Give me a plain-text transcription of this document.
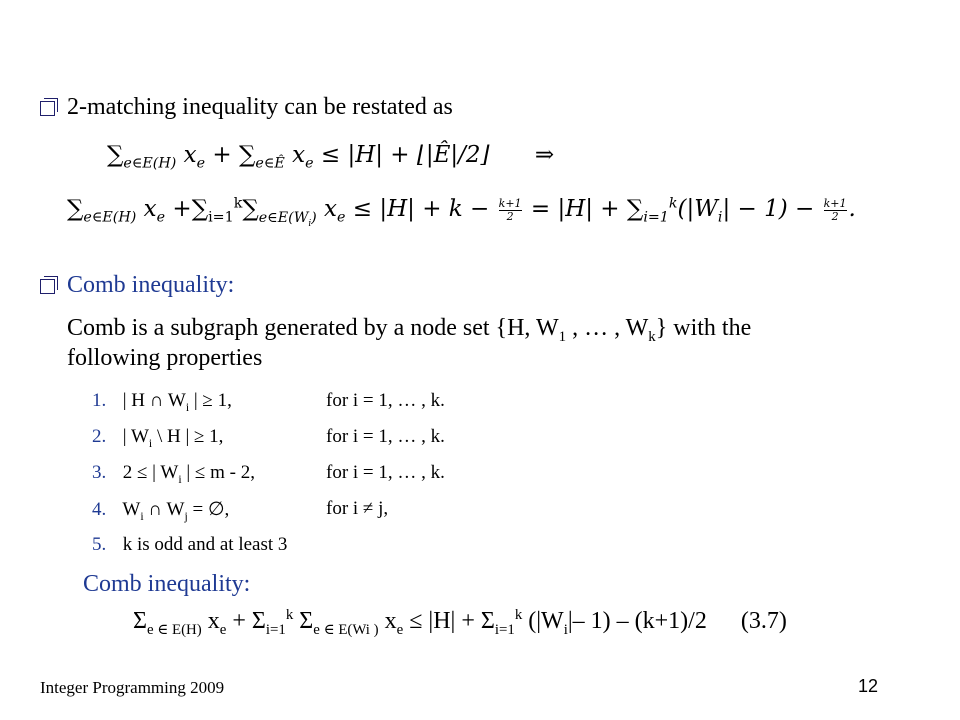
2-matching inequality can be restated as
$\sum_{e\in E(H)}$ $x_e + \sum_{e\in Ê}$ $x_e \le |H|$ + ⌊|Ê|/2⌋ ⇒
$\sum_{e\in E(H)}$ $x_e +\sum_{i=1}^k\sum_{e\in E(W_i)}$ $x_e \le |H| + k - \frac{k+1}{2} = |H| + \sum_{i=1}^k(|W_i| - 1) - \frac{k+1}{2}$ .
Comb inequality:
Comb is a subgraph generated by a node set {H, $W_1$ , … , $W_k$} with the
following properties
1. | H ∩ $W_i$ | ≥ 1,	for i = 1, … , k.
2. | $W_i$ \ H | ≥ 1,	for i = 1, … , k.
3. 2 ≤ | $W_i$ | ≤ m - 2,	for i = 1, … , k.
4. $W_i$ ∩ $W_j$ = ∅,	for i ≠ j,
5. k is odd and at least 3
Comb inequality:
$\Sigma_{e \in E(H)}$ $x_e + \Sigma_{i=1}^k$ $\Sigma_{e \in E(Wi )}$ $x_e \le |H| + \Sigma_{i=1}^k$ ($|W_i|-$ 1) – (k+1)/2 (3.7)
Integer Programming 2009	12
